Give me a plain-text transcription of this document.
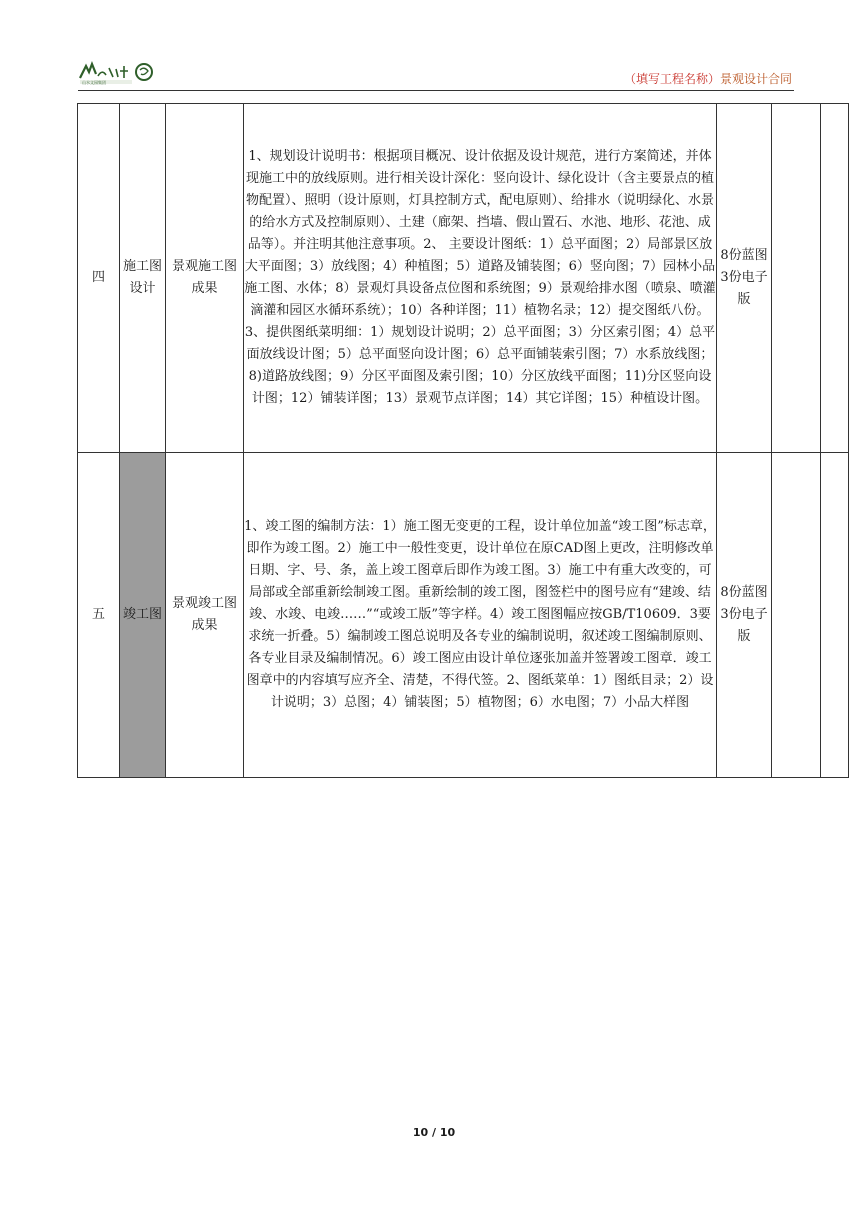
山水文园集团	（填写工程名称）景观设计合同
四	施工图设计	景观施工图成果	1、规划设计说明书：根据项目概况、设计依据及设计规范，进行方案简述，并体现施工中的放线原则。进行相关设计深化：竖向设计、绿化设计（含主要景点的植物配置）、照明（设计原则，灯具控制方式，配电原则）、给排水（说明绿化、水景的给水方式及控制原则）、土建（廊架、挡墙、假山置石、水池、地形、花池、成品等）。并注明其他注意事项。2、 主要设计图纸：1）总平面图；2）局部景区放大平面图；3）放线图；4）种植图；5）道路及铺装图；6）竖向图；7）园林小品施工图、水体；8）景观灯具设备点位图和系统图；9）景观给排水图（喷泉、喷灌滴灌和园区水循环系统）；10）各种详图；11）植物名录；12）提交图纸八份。3、提供图纸菜明细：1）规划设计说明；2）总平面图；3）分区索引图；4）总平面放线设计图；5）总平面竖向设计图；6）总平面铺装索引图；7）水系放线图；8)道路放线图；9）分区平面图及索引图；10）分区放线平面图；11)分区竖向设计图；12）铺装详图；13）景观节点详图；14）其它详图；15）种植设计图。	8份蓝图3份电子版		
五	竣工图	景观竣工图成果	1、竣工图的编制方法：1）施工图无变更的工程，设计单位加盖“竣工图”标志章，即作为竣工图。2）施工中一般性变更，设计单位在原CAD图上更改，注明修改单日期、字、号、条，盖上竣工图章后即作为竣工图。3）施工中有重大改变的，可局部或全部重新绘制竣工图。重新绘制的竣工图，图签栏中的图号应有“建竣、结竣、水竣、电竣……”“或竣工版”等字样。4）竣工图图幅应按GB/T10609．3要求统一折叠。5）编制竣工图总说明及各专业的编制说明，叙述竣工图编制原则、各专业目录及编制情况。6）竣工图应由设计单位逐张加盖并签署竣工图章．竣工图章中的内容填写应齐全、清楚，不得代签。2、图纸菜单：1）图纸目录；2）设计说明；3）总图；4）铺装图；5）植物图；6）水电图；7）小品大样图	8份蓝图3份电子版		
10 / 10
